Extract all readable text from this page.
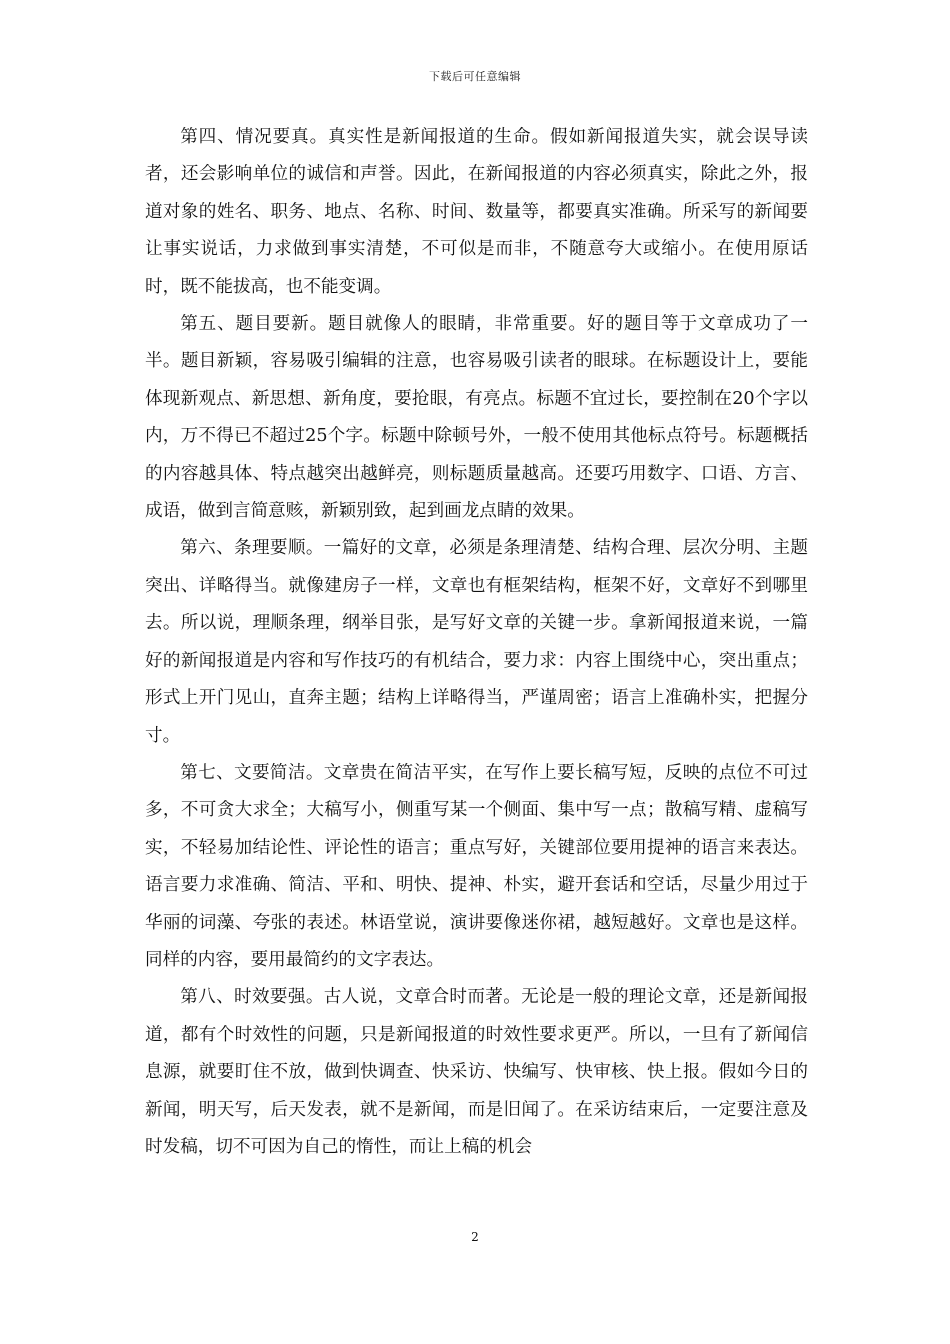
下载后可任意编辑

第四、情况要真。真实性是新闻报道的生命。假如新闻报道失实，就会误导读者，还会影响单位的诚信和声誉。因此，在新闻报道的内容必须真实，除此之外，报道对象的姓名、职务、地点、名称、时间、数量等，都要真实准确。所采写的新闻要让事实说话，力求做到事实清楚，不可似是而非，不随意夸大或缩小。在使用原话时，既不能拔高，也不能变调。

第五、题目要新。题目就像人的眼睛，非常重要。好的题目等于文章成功了一半。题目新颖，容易吸引编辑的注意，也容易吸引读者的眼球。在标题设计上，要能体现新观点、新思想、新角度，要抢眼，有亮点。标题不宜过长，要控制在20个字以内，万不得已不超过25个字。标题中除顿号外，一般不使用其他标点符号。标题概括的内容越具体、特点越突出越鲜亮，则标题质量越高。还要巧用数字、口语、方言、成语，做到言简意赅，新颖别致，起到画龙点睛的效果。

第六、条理要顺。一篇好的文章，必须是条理清楚、结构合理、层次分明、主题突出、详略得当。就像建房子一样，文章也有框架结构，框架不好，文章好不到哪里去。所以说，理顺条理，纲举目张，是写好文章的关键一步。拿新闻报道来说，一篇好的新闻报道是内容和写作技巧的有机结合，要力求：内容上围绕中心，突出重点；形式上开门见山，直奔主题；结构上详略得当，严谨周密；语言上准确朴实，把握分寸。

第七、文要简洁。文章贵在简洁平实，在写作上要长稿写短，反映的点位不可过多，不可贪大求全；大稿写小，侧重写某一个侧面、集中写一点；散稿写精、虚稿写实，不轻易加结论性、评论性的语言；重点写好，关键部位要用提神的语言来表达。语言要力求准确、简洁、平和、明快、提神、朴实，避开套话和空话，尽量少用过于华丽的词藻、夸张的表述。林语堂说，演讲要像迷你裙，越短越好。文章也是这样。同样的内容，要用最简约的文字表达。

第八、时效要强。古人说，文章合时而著。无论是一般的理论文章，还是新闻报道，都有个时效性的问题，只是新闻报道的时效性要求更严。所以，一旦有了新闻信息源，就要盯住不放，做到快调查、快采访、快编写、快审核、快上报。假如今日的新闻，明天写，后天发表，就不是新闻，而是旧闻了。在采访结束后，一定要注意及时发稿，切不可因为自己的惰性，而让上稿的机会

2
